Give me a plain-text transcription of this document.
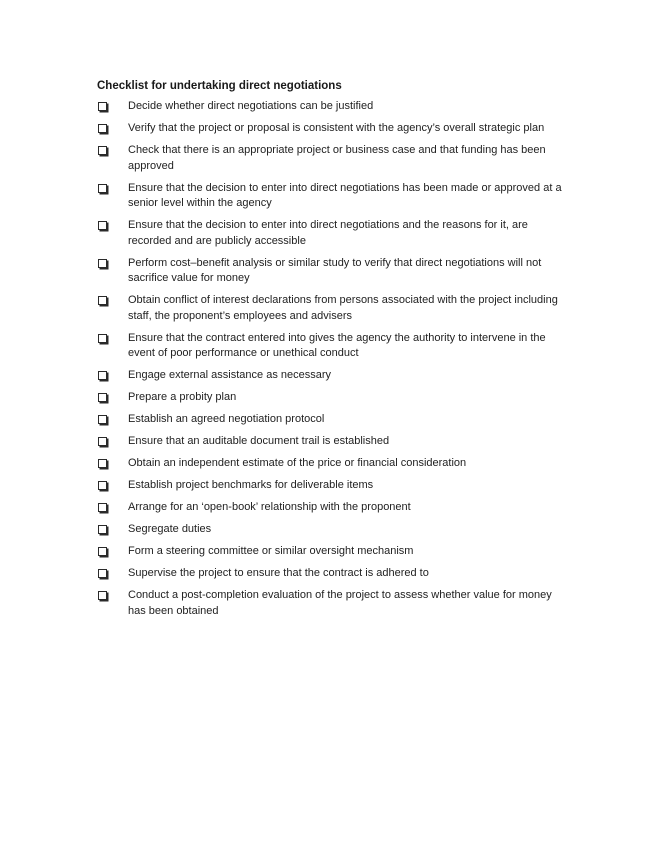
Checklist for undertaking direct negotiations
Decide whether direct negotiations can be justified
Verify that the project or proposal is consistent with the agency’s overall strategic plan
Check that there is an appropriate project or business case and that funding has been approved
Ensure that the decision to enter into direct negotiations has been made or approved at a senior level within the agency
Ensure that the decision to enter into direct negotiations and the reasons for it, are recorded and are publicly accessible
Perform cost–benefit analysis or similar study to verify that direct negotiations will not sacrifice value for money
Obtain conflict of interest declarations from persons associated with the project including staff, the proponent’s employees and advisers
Ensure that the contract entered into gives the agency the authority to intervene in the event of poor performance or unethical conduct
Engage external assistance as necessary
Prepare a probity plan
Establish an agreed negotiation protocol
Ensure that an auditable document trail is established
Obtain an independent estimate of the price or financial consideration
Establish project benchmarks for deliverable items
Arrange for an ‘open-book’ relationship with the proponent
Segregate duties
Form a steering committee or similar oversight mechanism
Supervise the project to ensure that the contract is adhered to
Conduct a post-completion evaluation of the project to assess whether value for money has been obtained
